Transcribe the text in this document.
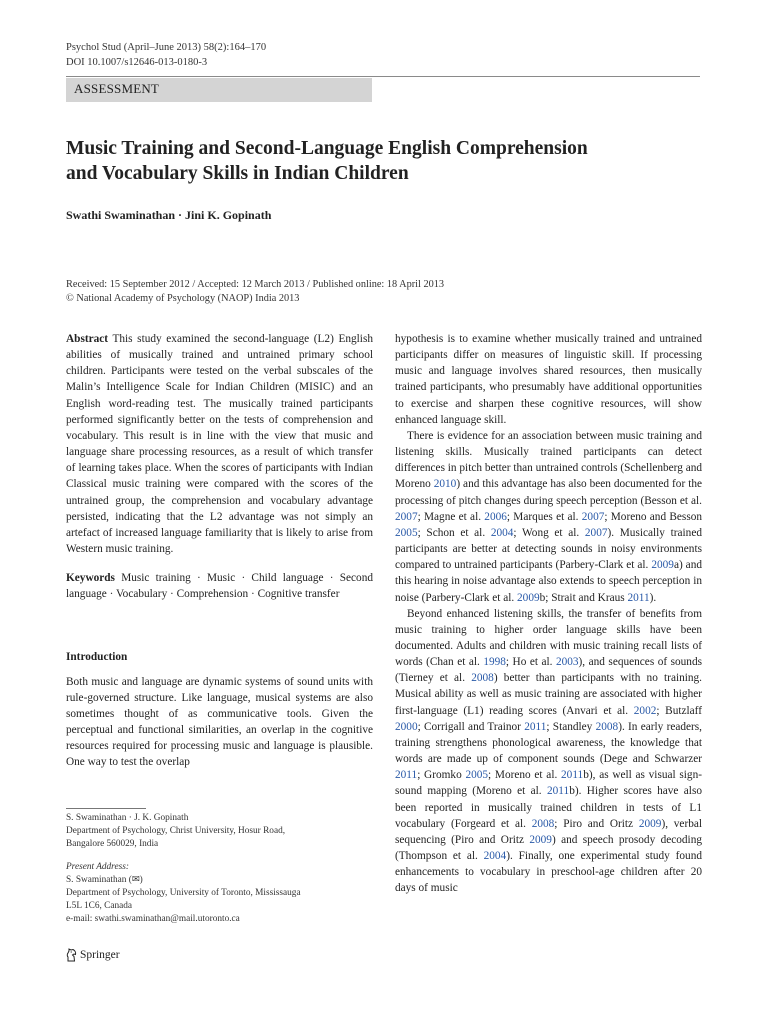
Psychol Stud (April–June 2013) 58(2):164–170
DOI 10.1007/s12646-013-0180-3
ASSESSMENT
Music Training and Second-Language English Comprehension
and Vocabulary Skills in Indian Children
Swathi Swaminathan · Jini K. Gopinath
Received: 15 September 2012 / Accepted: 12 March 2013 / Published online: 18 April 2013
© National Academy of Psychology (NAOP) India 2013

Abstract This study examined the second-language (L2) English abilities of musically trained and untrained primary school children. Participants were tested on the verbal subscales of the Malin’s Intelligence Scale for Indian Children (MISIC) and an English word-reading test. The musically trained participants performed significantly better on the tests of comprehension and vocabulary. This result is in line with the view that music and language share processing resources, as a result of which transfer of learning takes place. When the scores of participants with Indian Classical music training were compared with the scores of the untrained group, the comprehension and vocabulary advantage persisted, indicating that the L2 advantage was not simply an artefact of increased language familiarity that is likely to arise from Western music training.

Keywords Music training · Music · Child language · Second language · Vocabulary · Comprehension · Cognitive transfer

Introduction

Both music and language are dynamic systems of sound units with rule-governed structure. Like language, musical systems are also sometimes thought of as communicative tools. Given the perceptual and functional similarities, an overlap in the cognitive resources required for processing music and language is plausible. One way to test the overlap

hypothesis is to examine whether musically trained and untrained participants differ on measures of linguistic skill. If processing music and language involves shared resources, then musically trained participants, who presumably have additional opportunities to exercise and sharpen these cognitive resources, will show enhanced language skill.

There is evidence for an association between music training and listening skills. Musically trained participants can detect differences in pitch better than untrained controls (Schellenberg and Moreno 2010) and this advantage has also been documented for the processing of pitch changes during speech perception (Besson et al. 2007; Magne et al. 2006; Marques et al. 2007; Moreno and Besson 2005; Schon et al. 2004; Wong et al. 2007). Musically trained participants are better at detecting sounds in noisy environments compared to untrained participants (Parbery-Clark et al. 2009a) and this hearing in noise advantage also extends to speech perception in noise (Parbery-Clark et al. 2009b; Strait and Kraus 2011).

Beyond enhanced listening skills, the transfer of benefits from music training to higher order language skills have been documented. Adults and children with music training recall lists of words (Chan et al. 1998; Ho et al. 2003), and sequences of sounds (Tierney et al. 2008) better than participants with no training. Musical ability as well as music training are associated with higher first-language (L1) reading scores (Anvari et al. 2002; Butzlaff 2000; Corrigall and Trainor 2011; Standley 2008). In early readers, training strengthens phonological awareness, the knowledge that words are made up of component sounds (Dege and Schwarzer 2011; Gromko 2005; Moreno et al. 2011b), as well as visual sign-sound mapping (Moreno et al. 2011b). Higher scores have also been reported in musically trained children in tests of L1 vocabulary (Forgeard et al. 2008; Piro and Oritz 2009), verbal sequencing (Piro and Oritz 2009) and speech prosody decoding (Thompson et al. 2004). Finally, one experimental study found enhancements to vocabulary in preschool-age children after 20 days of music

S. Swaminathan · J. K. Gopinath
Department of Psychology, Christ University, Hosur Road,
Bangalore 560029, India
Present Address:
S. Swaminathan (✉)
Department of Psychology, University of Toronto, Mississauga
L5L 1C6, Canada
e-mail: swathi.swaminathan@mail.utoronto.ca
Springer
